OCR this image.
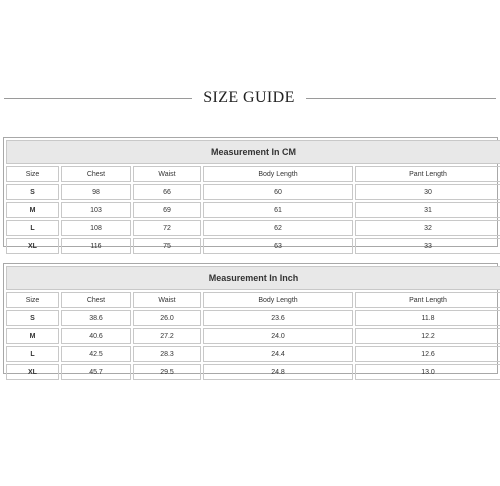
SIZE GUIDE
Measurement In CM				
Size	Chest	Waist	Body Length	Pant Length
S	98	66	60	30
M	103	69	61	31
L	108	72	62	32
XL	116	75	63	33
Measurement In Inch				
Size	Chest	Waist	Body Length	Pant Length
S	38.6	26.0	23.6	11.8
M	40.6	27.2	24.0	12.2
L	42.5	28.3	24.4	12.6
XL	45.7	29.5	24.8	13.0
